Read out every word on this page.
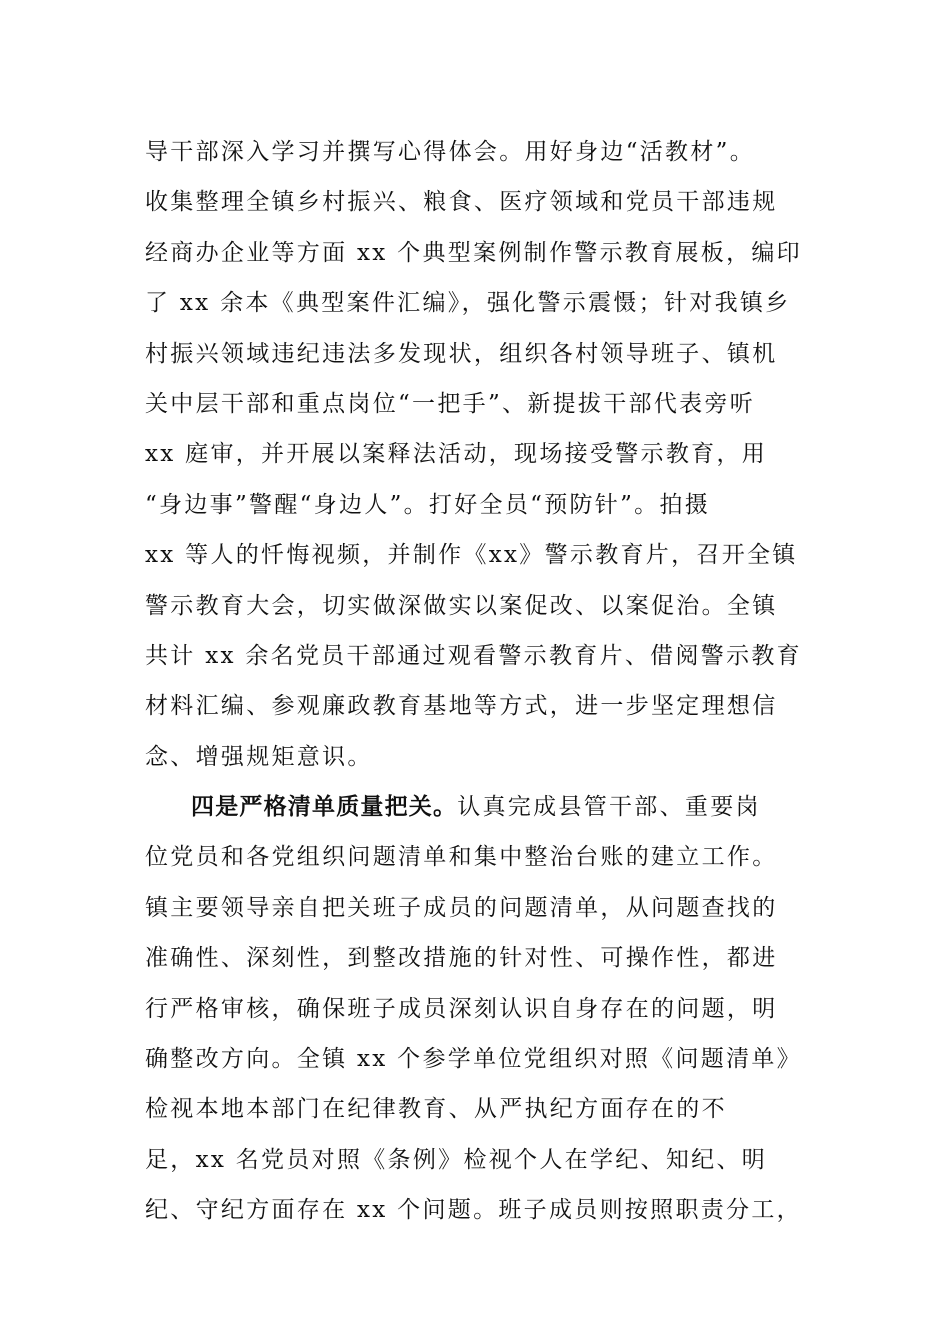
导干部深入学习并撰写心得体会。用好身边“活教材”。
收集整理全镇乡村振兴、粮食、医疗领域和党员干部违规
经商办企业等方面 xx 个典型案例制作警示教育展板，编印
了 xx 余本《典型案件汇编》，强化警示震慑；针对我镇乡
村振兴领域违纪违法多发现状，组织各村领导班子、镇机
关中层干部和重点岗位“一把手”、新提拔干部代表旁听
xx 庭审，并开展以案释法活动，现场接受警示教育，用
“身边事”警醒“身边人”。打好全员“预防针”。拍摄
xx 等人的忏悔视频，并制作《xx》警示教育片，召开全镇
警示教育大会，切实做深做实以案促改、以案促治。全镇
共计 xx 余名党员干部通过观看警示教育片、借阅警示教育
材料汇编、参观廉政教育基地等方式，进一步坚定理想信
念、增强规矩意识。
四是严格清单质量把关。认真完成县管干部、重要岗
位党员和各党组织问题清单和集中整治台账的建立工作。
镇主要领导亲自把关班子成员的问题清单，从问题查找的
准确性、深刻性，到整改措施的针对性、可操作性，都进
行严格审核，确保班子成员深刻认识自身存在的问题，明
确整改方向。全镇 xx 个参学单位党组织对照《问题清单》
检视本地本部门在纪律教育、从严执纪方面存在的不
足，xx 名党员对照《条例》检视个人在学纪、知纪、明
纪、守纪方面存在 xx 个问题。班子成员则按照职责分工，
